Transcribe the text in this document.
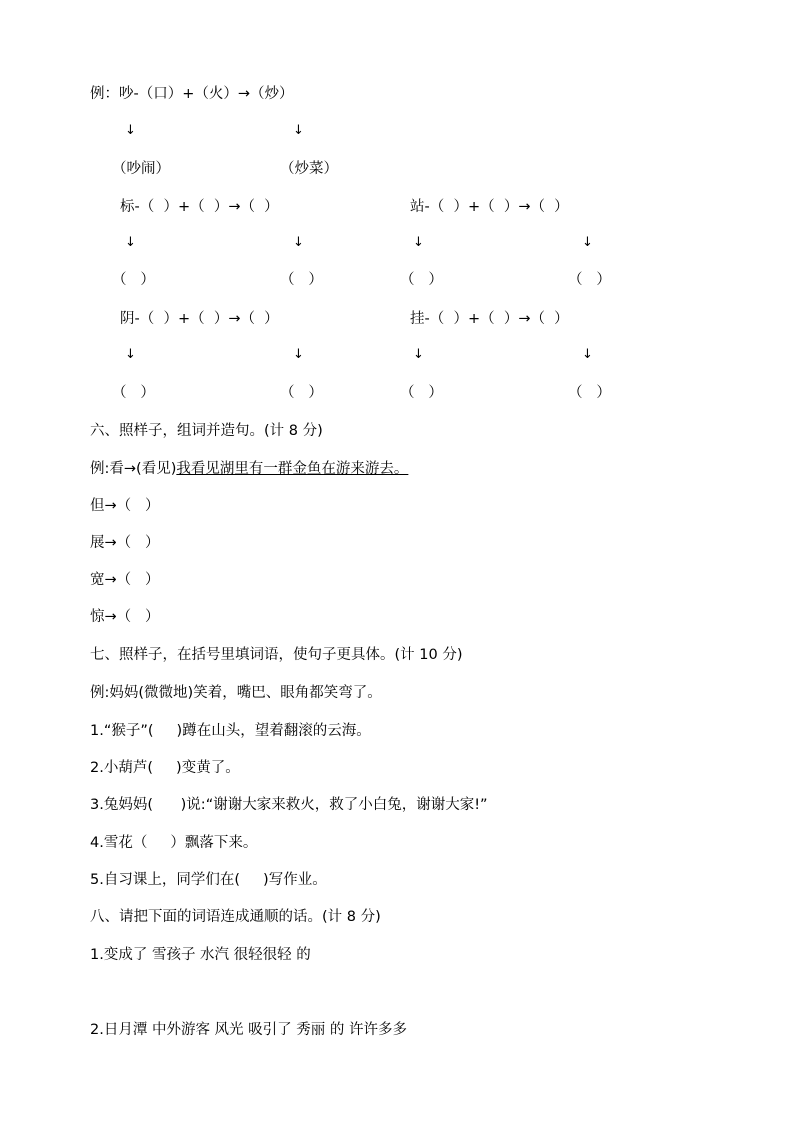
例：吵-（口）+（火）→（炒）
↓	↓
（吵闹）	（炒菜）
标-（  ）+（  ）→（  ）
↓	↓
（   ）	（   ）
站-（  ）+（  ）→（  ）
↓	↓
（   ）	（   ）
阴-（  ）+（  ）→（  ）
↓	↓
（   ）	（   ）
挂-（  ）+（  ）→（  ）
↓	↓
（   ）	（   ）
六、照样子，组词并造句。(计 8 分)
例:看→(看见)我看见湖里有一群金鱼在游来游去。
但→（   ）
展→（   ）
宽→（   ）
惊→（   ）
七、照样子，在括号里填词语，使句子更具体。(计 10 分)
例:妈妈(微微地)笑着，嘴巴、眼角都笑弯了。
1.“猴子”(     )蹲在山头，望着翻滚的云海。
2.小葫芦(     )变黄了。
3.兔妈妈(      )说:“谢谢大家来救火，救了小白兔，谢谢大家!”
4.雪花（     ）飘落下来。
5.自习课上，同学们在(     )写作业。
八、请把下面的词语连成通顺的话。(计 8 分)
1.变成了 雪孩子 水汽 很轻很轻 的
2.日月潭 中外游客 风光 吸引了 秀丽 的 许许多多
